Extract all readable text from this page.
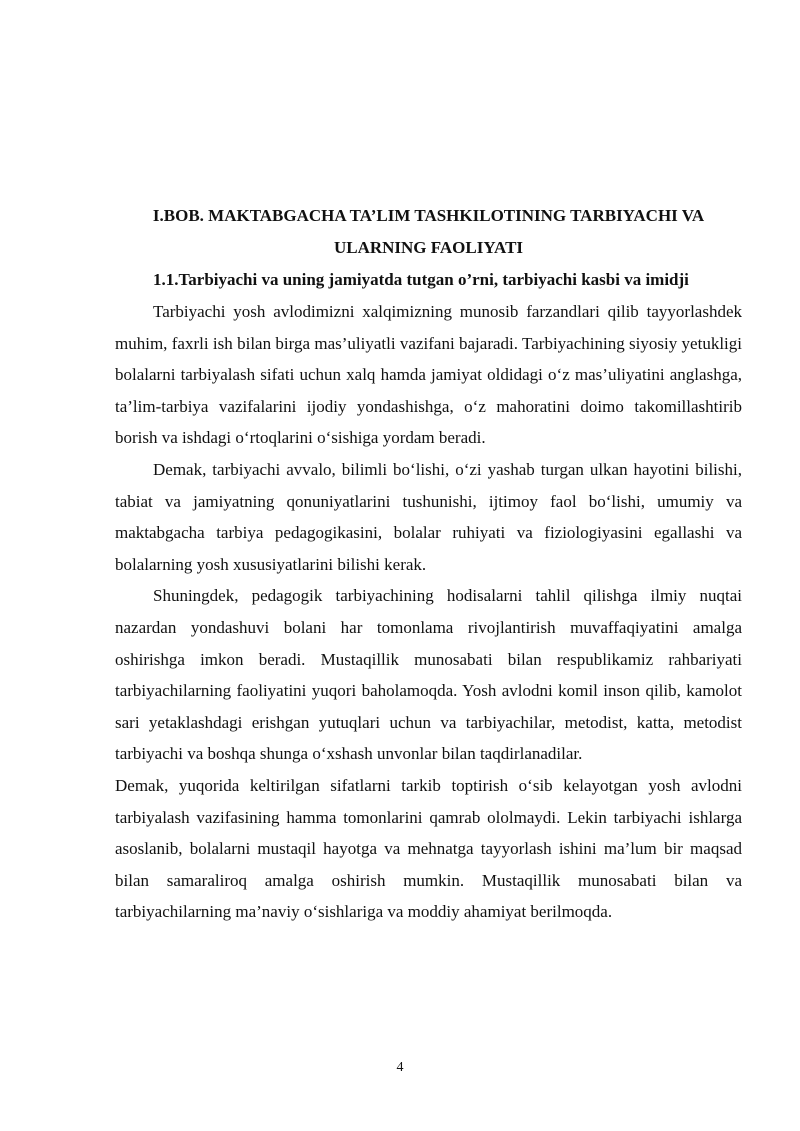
I.BOB. MAKTABGACHA TA’LIM TASHKILOTINING TARBIYACHI VA ULARNING FAOLIYATI
1.1.Tarbiyachi va uning jamiyatda tutgan o’rni, tarbiyachi kasbi va imidji

Tarbiyachi yosh avlodimizni xalqimizning munosib farzandlari qilib tayyorlashdek muhim, faxrli ish bilan birga mas’uliyatli vazifani bajaradi. Tarbiyachining siyosiy yetukligi bolalarni tarbiyalash sifati uchun xalq hamda jamiyat oldidagi o‘z mas’uliyatini anglashga, ta’lim-tarbiya vazifalarini ijodiy yondashishga, o‘z mahoratini doimo takomillashtirib borish va ishdagi o‘rtoqlarini o‘sishiga yordam beradi.

Demak, tarbiyachi avvalo, bilimli bo‘lishi, o‘zi yashab turgan ulkan hayotini bilishi, tabiat va jamiyatning qonuniyatlarini tushunishi, ijtimoy faol bo‘lishi, umumiy va maktabgacha tarbiya pedagogikasini, bolalar ruhiyati va fiziologiyasini egallashi va bolalarning yosh xususiyatlarini bilishi kerak.

Shuningdek, pedagogik tarbiyachining hodisalarni tahlil qilishga ilmiy nuqtai nazardan yondashuvi bolani har tomonlama rivojlantirish muvaffaqiyatini amalga oshirishga imkon beradi. Mustaqillik munosabati bilan respublikamiz rahbariyati tarbiyachilarning faoliyatini yuqori baholamoqda. Yosh avlodni komil inson qilib, kamolot sari yetaklashdagi erishgan yutuqlari uchun va tarbiyachilar, metodist, katta, metodist tarbiyachi va boshqa shunga o‘xshash unvonlar bilan taqdirlanadilar.

Demak, yuqorida keltirilgan sifatlarni tarkib toptirish o‘sib kelayotgan yosh avlodni tarbiyalash vazifasining hamma tomonlarini qamrab ololmaydi. Lekin tarbiyachi ishlarga asoslanib, bolalarni mustaqil hayotga va mehnatga tayyorlash ishini ma’lum bir maqsad bilan samaraliroq amalga oshirish mumkin. Mustaqillik munosabati bilan va tarbiyachilarning ma’naviy o‘sishlariga va moddiy ahamiyat berilmoqda.

4
